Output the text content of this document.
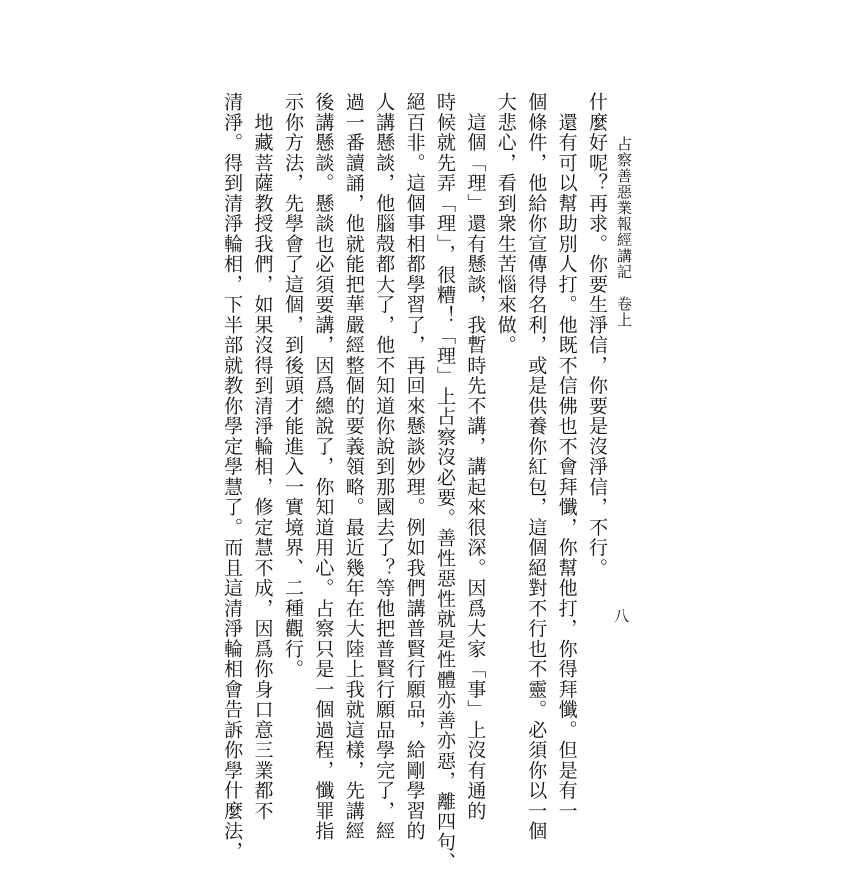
占察善惡業報經講記　卷上
八
什麼好呢？再求。你要生淨信，你要是沒淨信，不行。
　還有可以幫助別人打。他既不信佛也不會拜懺，你幫他打，你得拜懺。但是有一
個條件，他給你宣傳得名利，或是供養你紅包，這個絕對不行也不靈。必須你以一個
大悲心，看到衆生苦惱來做。
　這個「理」還有懸談，我暫時先不講，講起來很深。因爲大家「事」上沒有通的
時候就先弄「理」，很糟！「理」上占察沒必要。善性惡性就是性體亦善亦惡，離四句、
絕百非。這個事相都學習了，再回來懸談妙理。例如我們講普賢行願品，給剛學習的
人講懸談，他腦殼都大了，他不知道你說到那國去了？等他把普賢行願品學完了，經
過一番讀誦，他就能把華嚴經整個的要義領略。最近幾年在大陸上我就這樣，先講經
後講懸談。懸談也必須要講，因爲總說了，你知道用心。占察只是一個過程，懺罪指
示你方法，先學會了這個，到後頭才能進入一實境界、二種觀行。
　地藏菩薩教授我們，如果沒得到清淨輪相，修定慧不成，因爲你身口意三業都不
清淨。得到清淨輪相，下半部就教你學定學慧了。而且這清淨輪相會告訴你學什麼法，
